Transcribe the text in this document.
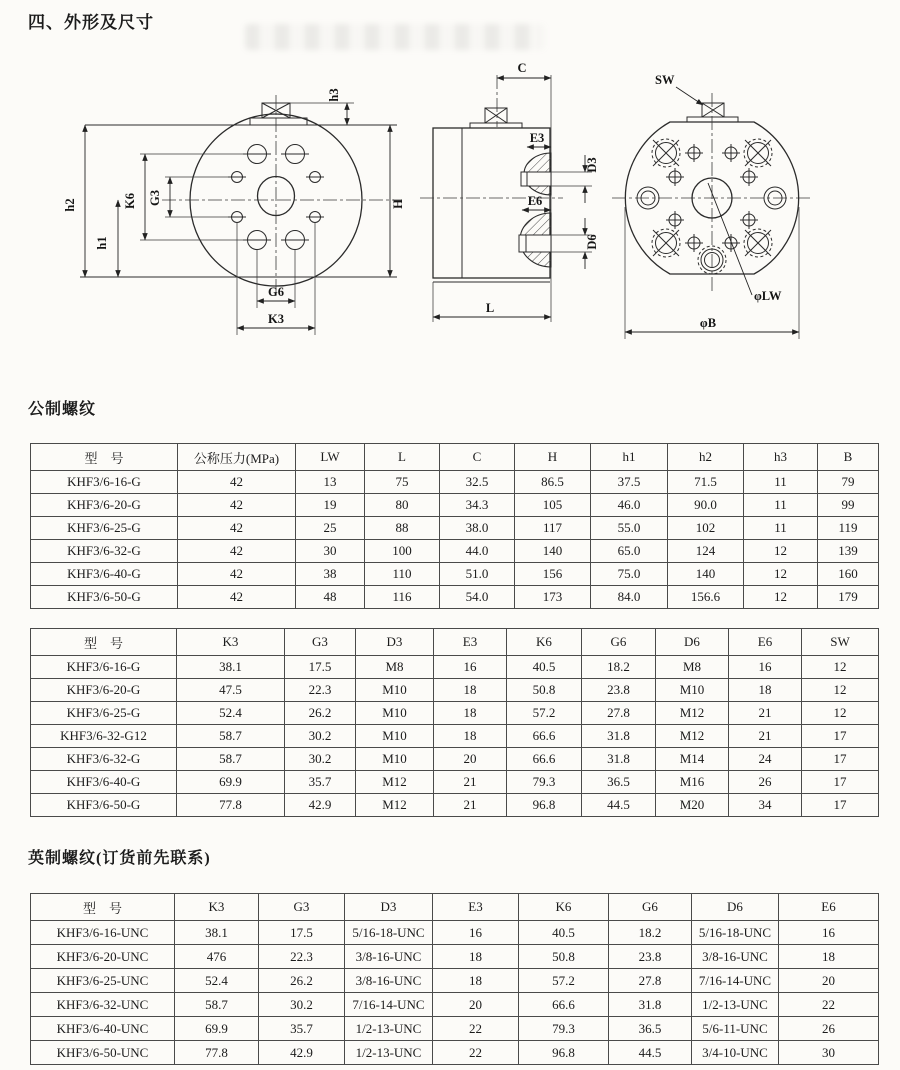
四、外形及尺寸
h2
h1
K6 G3
h3
H
G6
K3
C
E3
E6
D3
D6
L
SW
φLW
φB
公制螺纹
型　号	公称压力(MPa)	LW	L	C	H	h1	h2	h3	B
KHF3/6-16-G	42	13	75	32.5	86.5	37.5	71.5	11	79
KHF3/6-20-G	42	19	80	34.3	105	46.0	90.0	11	99
KHF3/6-25-G	42	25	88	38.0	117	55.0	102	11	119
KHF3/6-32-G	42	30	100	44.0	140	65.0	124	12	139
KHF3/6-40-G	42	38	110	51.0	156	75.0	140	12	160
KHF3/6-50-G	42	48	116	54.0	173	84.0	156.6	12	179
型　号	K3	G3	D3	E3	K6	G6	D6	E6	SW
KHF3/6-16-G	38.1	17.5	M8	16	40.5	18.2	M8	16	12
KHF3/6-20-G	47.5	22.3	M10	18	50.8	23.8	M10	18	12
KHF3/6-25-G	52.4	26.2	M10	18	57.2	27.8	M12	21	12
KHF3/6-32-G12	58.7	30.2	M10	18	66.6	31.8	M12	21	17
KHF3/6-32-G	58.7	30.2	M10	20	66.6	31.8	M14	24	17
KHF3/6-40-G	69.9	35.7	M12	21	79.3	36.5	M16	26	17
KHF3/6-50-G	77.8	42.9	M12	21	96.8	44.5	M20	34	17
英制螺纹(订货前先联系)
型　号	K3	G3	D3	E3	K6	G6	D6	E6
KHF3/6-16-UNC	38.1	17.5	5/16-18-UNC	16	40.5	18.2	5/16-18-UNC	16
KHF3/6-20-UNC	476	22.3	3/8-16-UNC	18	50.8	23.8	3/8-16-UNC	18
KHF3/6-25-UNC	52.4	26.2	3/8-16-UNC	18	57.2	27.8	7/16-14-UNC	20
KHF3/6-32-UNC	58.7	30.2	7/16-14-UNC	20	66.6	31.8	1/2-13-UNC	22
KHF3/6-40-UNC	69.9	35.7	1/2-13-UNC	22	79.3	36.5	5/6-11-UNC	26
KHF3/6-50-UNC	77.8	42.9	1/2-13-UNC	22	96.8	44.5	3/4-10-UNC	30
